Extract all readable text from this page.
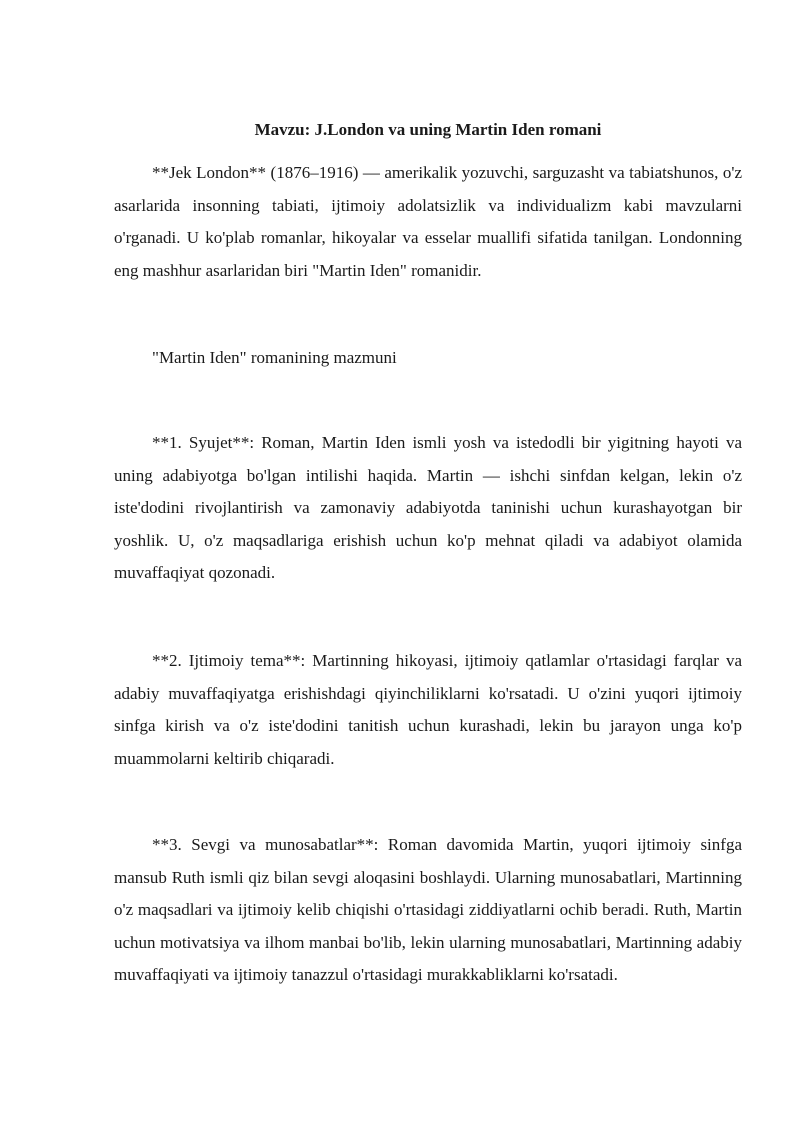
Mavzu: J.London va uning Martin Iden romani

**Jek London** (1876–1916) — amerikalik yozuvchi, sarguzasht va tabiatshunos, o'z asarlarida insonning tabiati, ijtimoiy adolatsizlik va individualizm kabi mavzularni o'rganadi. U ko'plab romanlar, hikoyalar va esselar muallifi sifatida tanilgan. Londonning eng mashhur asarlaridan biri "Martin Iden" romanidir.

"Martin Iden" romanining mazmuni

**1. Syujet**: Roman, Martin Iden ismli yosh va istedodli bir yigitning hayoti va uning adabiyotga bo'lgan intilishi haqida. Martin — ishchi sinfdan kelgan, lekin o'z iste'dodini rivojlantirish va zamonaviy adabiyotda taninishi uchun kurashayotgan bir yoshlik. U, o'z maqsadlariga erishish uchun ko'p mehnat qiladi va adabiyot olamida muvaffaqiyat qozonadi.

**2. Ijtimoiy tema**: Martinning hikoyasi, ijtimoiy qatlamlar o'rtasidagi farqlar va adabiy muvaffaqiyatga erishishdagi qiyinchiliklarni ko'rsatadi. U o'zini yuqori ijtimoiy sinfga kirish va o'z iste'dodini tanitish uchun kurashadi, lekin bu jarayon unga ko'p muammolarni keltirib chiqaradi.

**3. Sevgi va munosabatlar**: Roman davomida Martin, yuqori ijtimoiy sinfga mansub Ruth ismli qiz bilan sevgi aloqasini boshlaydi. Ularning munosabatlari, Martinning o'z maqsadlari va ijtimoiy kelib chiqishi o'rtasidagi ziddiyatlarni ochib beradi. Ruth, Martin uchun motivatsiya va ilhom manbai bo'lib, lekin ularning munosabatlari, Martinning adabiy muvaffaqiyati va ijtimoiy tanazzul o'rtasidagi murakkabliklarni ko'rsatadi.
